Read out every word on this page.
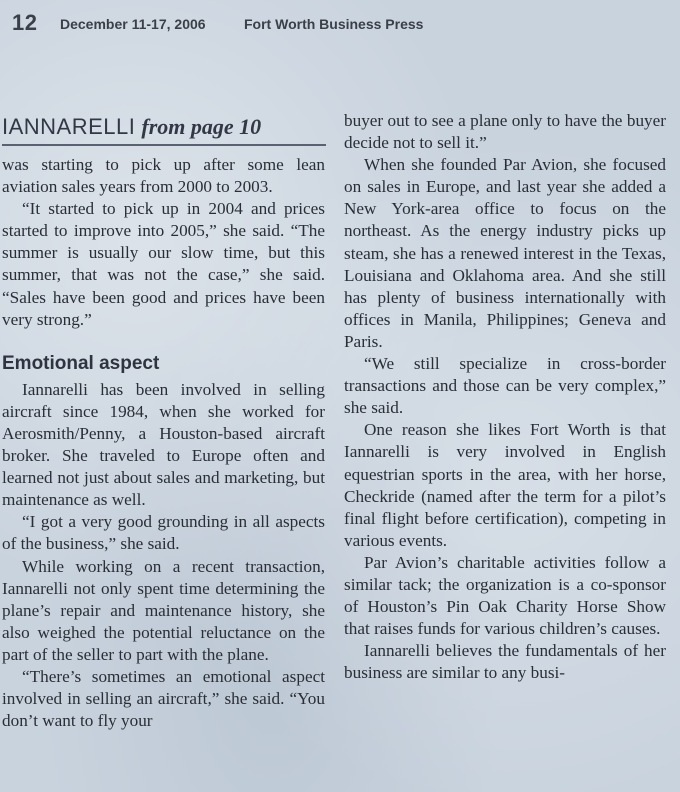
12 December 11-17, 2006	Fort Worth Business Press
IANNARELLI from page 10

was starting to pick up after some lean aviation sales years from 2000 to 2003.

“It started to pick up in 2004 and prices started to improve into 2005,” she said. “The summer is usually our slow time, but this summer, that was not the case,” she said. “Sales have been good and prices have been very strong.”

Emotional aspect

Iannarelli has been involved in selling aircraft since 1984, when she worked for Aerosmith/Penny, a Houston-based aircraft broker. She traveled to Europe often and learned not just about sales and marketing, but maintenance as well.

“I got a very good grounding in all aspects of the business,” she said.

While working on a recent transaction, Iannarelli not only spent time determining the plane’s repair and maintenance history, she also weighed the potential reluctance on the part of the seller to part with the plane.

“There’s sometimes an emotional aspect involved in selling an aircraft,” she said. “You don’t want to fly your

buyer out to see a plane only to have the buyer decide not to sell it.”

When she founded Par Avion, she focused on sales in Europe, and last year she added a New York-area office to focus on the northeast. As the energy industry picks up steam, she has a renewed interest in the Texas, Louisiana and Oklahoma area. And she still has plenty of business internationally with offices in Manila, Philippines; Geneva and Paris.

“We still specialize in cross-border transactions and those can be very complex,” she said.

One reason she likes Fort Worth is that Iannarelli is very involved in English equestrian sports in the area, with her horse, Checkride (named after the term for a pilot’s final flight before certification), competing in various events.

Par Avion’s charitable activities follow a similar tack; the organization is a co-sponsor of Houston’s Pin Oak Charity Horse Show that raises funds for various children’s causes.

Iannarelli believes the fundamentals of her business are similar to any busi-
